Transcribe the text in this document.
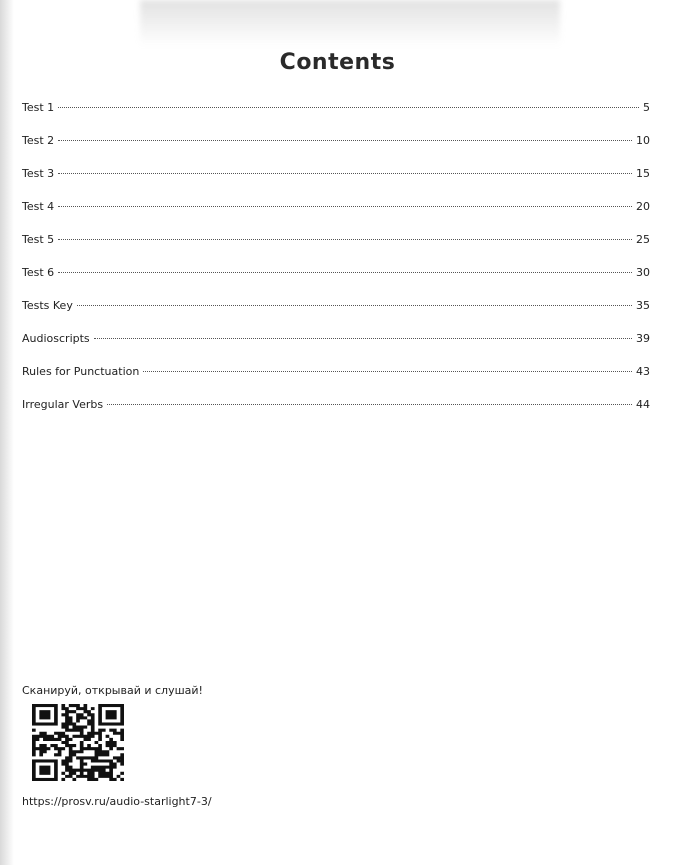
Contents
Test 1	5
Test 2	10
Test 3	15
Test 4	20
Test 5	25
Test 6	30
Tests Key	35
Audioscripts	39
Rules for Punctuation	43
Irregular Verbs	44
Сканируй, открывай и слушай!
https://prosv.ru/audio-starlight7-3/
